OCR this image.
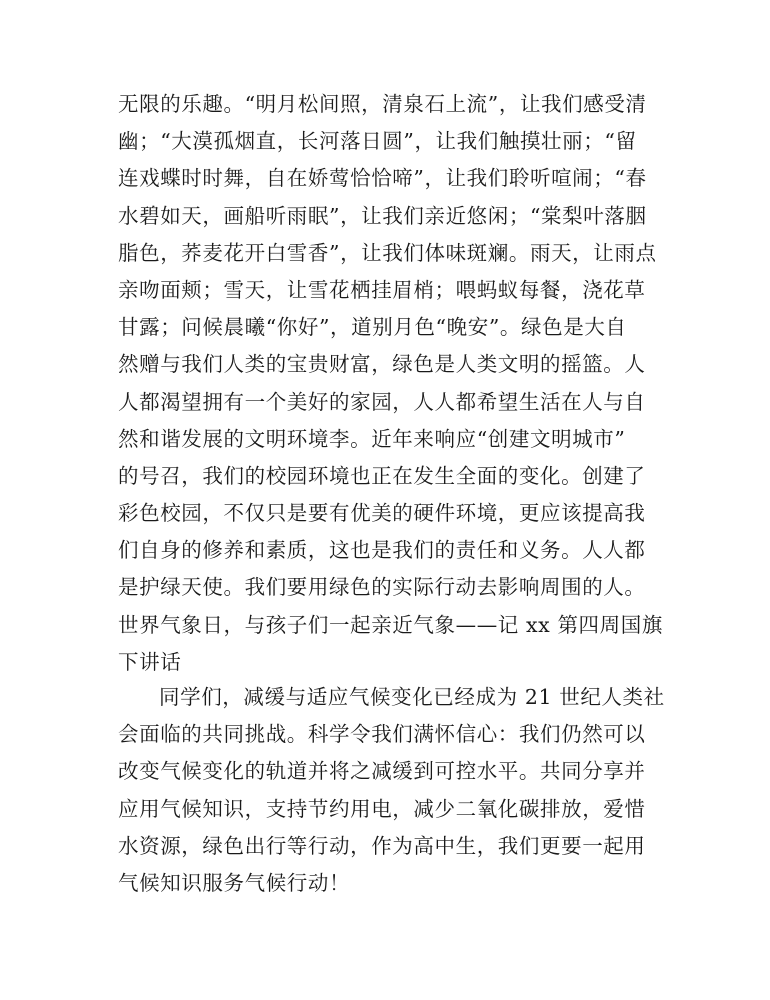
无限的乐趣。“明月松间照，清泉石上流”，让我们感受清
幽；“大漠孤烟直，长河落日圆”，让我们触摸壮丽；“留
连戏蝶时时舞，自在娇莺恰恰啼”，让我们聆听喧闹；“春
水碧如天，画船听雨眠”，让我们亲近悠闲；“棠梨叶落胭
脂色，荞麦花开白雪香”，让我们体味斑斓。雨天，让雨点
亲吻面颊；雪天，让雪花栖挂眉梢；喂蚂蚁每餐，浇花草
甘露；问候晨曦“你好”，道别月色“晚安”。绿色是大自
然赠与我们人类的宝贵财富，绿色是人类文明的摇篮。人
人都渴望拥有一个美好的家园，人人都希望生活在人与自
然和谐发展的文明环境李。近年来响应“创建文明城市”
的号召，我们的校园环境也正在发生全面的变化。创建了
彩色校园，不仅只是要有优美的硬件环境，更应该提高我
们自身的修养和素质，这也是我们的责任和义务。人人都
是护绿天使。我们要用绿色的实际行动去影响周围的人。
世界气象日，与孩子们一起亲近气象——记 xx 第四周国旗
下讲话
同学们，减缓与适应气候变化已经成为 21 世纪人类社
会面临的共同挑战。科学令我们满怀信心：我们仍然可以
改变气候变化的轨道并将之减缓到可控水平。共同分享并
应用气候知识，支持节约用电，减少二氧化碳排放，爱惜
水资源，绿色出行等行动，作为高中生，我们更要一起用
气候知识服务气候行动！
